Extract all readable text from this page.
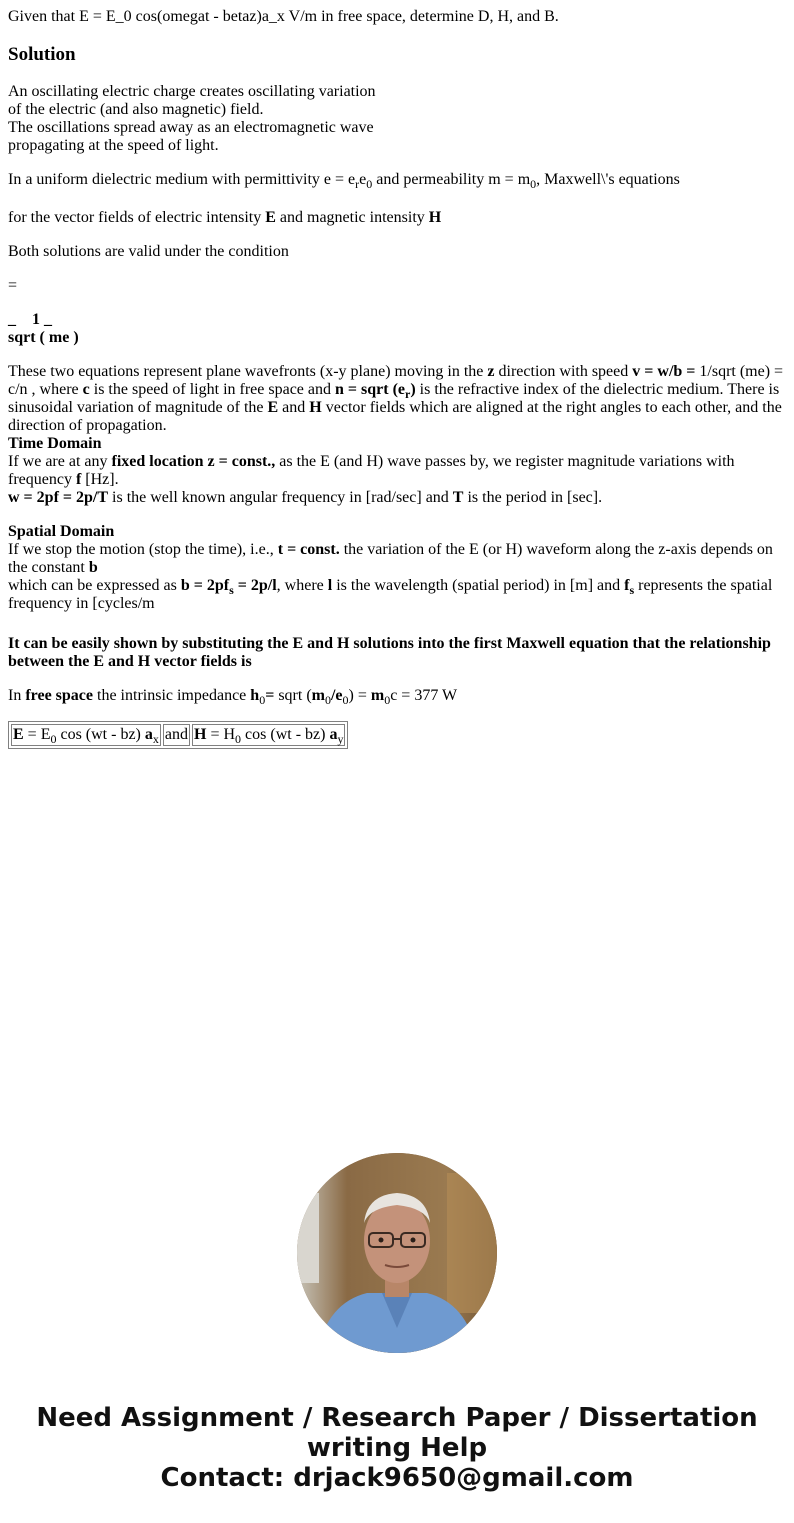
Given that E = E_0 cos(omegat - betaz)a_x V/m in free space, determine D, H, and B.

Solution

An oscillating electric charge creates oscillating variation
of the electric (and also magnetic) field.
The oscillations spread away as an electromagnetic wave
propagating at the speed of light.

In a uniform dielectric medium with permittivity $e = e_re_0$ and permeability $m = m_0$, Maxwell\'s equations

for the vector fields of electric intensity E and magnetic intensity H

Both solutions are valid under the condition

=

_    1 _
sqrt ( me )

These two equations represent plane wavefronts (x-y plane) moving in the z direction with speed v = w/b = 1/sqrt (me) = c/n , where c is the speed of light in free space and n = sqrt $(e_r)$ is the refractive index of the dielectric medium. There is sinusoidal variation of magnitude of the E and H vector fields which are aligned at the right angles to each other, and the direction of propagation.

Time Domain
If we are at any fixed location z = const., as the E (and H) wave passes by, we register magnitude variations with frequency f [Hz].
w = 2pf = 2p/T is the well known angular frequency in [rad/sec] and T is the period in [sec].

Spatial Domain
If we stop the motion (stop the time), i.e., t = const. the variation of the E (or H) waveform along the z-axis depends on the constant b
which can be expressed as $b = 2pf_s = 2p/l$, where l is the wavelength (spatial period) in [m] and $f_s$ represents the spatial frequency in [cycles/m

It can be easily shown by substituting the E and H solutions into the first Maxwell equation that the relationship between the E and H vector fields is

In free space the intrinsic impedance $h_0=$ sqrt $(m_0/e_0) = m_0c = 377$ W

$E = E_0$ cos (wt - bz) $a_x$	and	$H = H_0$ cos (wt - bz) $a_y$
Need Assignment / Research Paper / Dissertation
writing Help
Contact: drjack9650@gmail.com
